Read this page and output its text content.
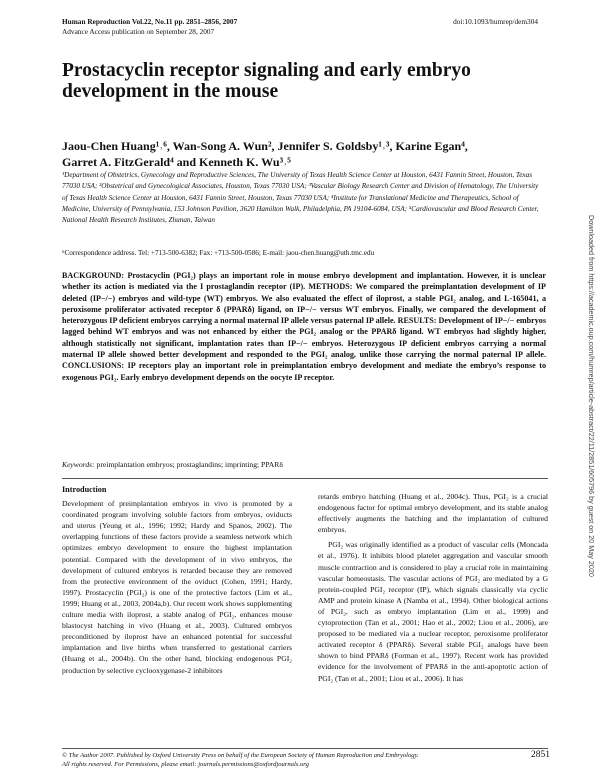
Human Reproduction Vol.22, No.11 pp. 2851–2856, 2007
Advance Access publication on September 28, 2007
doi:10.1093/humrep/dem304
Prostacyclin receptor signaling and early embryo development in the mouse
Jaou-Chen Huang¹˒⁶, Wan-Song A. Wun², Jennifer S. Goldsby¹˒³, Karine Egan⁴,
Garret A. FitzGerald⁴ and Kenneth K. Wu³˒⁵
¹Department of Obstetrics, Gynecology and Reproductive Sciences, The University of Texas Health Science Center at Houston, 6431 Fannin Street, Houston, Texas 77030 USA; ²Obstetrical and Gynecological Associates, Houston, Texas 77030 USA; ³Vascular Biology Research Center and Division of Hematology, The University of Texas Health Science Center at Houston, 6431 Fannin Street, Houston, Texas 77030 USA; ⁴Institute for Translational Medicine and Therapeutics, School of Medicine, University of Pennsylvania, 153 Johnson Pavilion, 3620 Hamilton Walk, Philadelphia, PA 19104-6084, USA; ⁵Cardiovascular and Blood Research Center, National Health Research Institutes, Zhunan, Taiwan
⁶Correspondence address. Tel: +713-500-6382; Fax: +713-500-0586; E-mail: jaou-chen.huang@uth.tmc.edu
BACKGROUND: Prostacyclin (PGI₂) plays an important role in mouse embryo development and implantation. However, it is unclear whether its action is mediated via the I prostaglandin receptor (IP). METHODS: We compared the preimplantation development of IP deleted (IP−/−) embryos and wild-type (WT) embryos. We also evaluated the effect of iloprost, a stable PGI₂ analog, and L-165041, a peroxisome proliferator activated receptor δ (PPARδ) ligand, on IP−/− versus WT embryos. Finally, we compared the development of heterozygous IP deficient embryos carrying a normal maternal IP allele versus paternal IP allele. RESULTS: Development of IP−/− embryos lagged behind WT embryos and was not enhanced by either the PGI₂ analog or the PPARδ ligand. WT embryos had slightly higher, although statistically not significant, implantation rates than IP−/− embryos. Heterozygous IP deficient embryos carrying a normal maternal IP allele showed better development and responded to the PGI₂ analog, unlike those carrying the normal paternal IP allele. CONCLUSIONS: IP receptors play an important role in preimplantation embryo development and mediate the embryo’s response to exogenous PGI₂. Early embryo development depends on the oocyte IP receptor.
Keywords: preimplantation embryos; prostaglandins; imprinting; PPARδ
Introduction

Development of preimplantation embryos in vivo is promoted by a coordinated program involving soluble factors from embryos, oviducts and uterus (Yeung et al., 1996; 1992; Hardy and Spanos, 2002). The overlapping functions of these factors provide a seamless network which optimizes embryo development to ensure the highest implantation potential. Compared with the development of in vivo embryos, the development of cultured embryos is retarded because they are removed from the protective environment of the oviduct (Cohen, 1991; Hardy, 1997). Prostacyclin (PGI₂) is one of the protective factors (Lim et al., 1999; Huang et al., 2003, 2004a,b). Our recent work shows supplementing culture media with iloprost, a stable analog of PGI₂, enhances mouse blastocyst hatching in vivo (Huang et al., 2003). Cultured embryos preconditioned by iloprost have an enhanced potential for successful implantation and live births when transferred to gestational carriers (Huang et al., 2004b). On the other hand, blocking endogenous PGI₂ production by selective cyclooxygenase-2 inhibitors

retards embryo hatching (Huang et al., 2004c). Thus, PGI₂ is a crucial endogenous factor for optimal embryo development, and its stable analog effectively augments the hatching and the implantation of cultured embryos.

PGI₂ was originally identified as a product of vascular cells (Moncada et al., 1976). It inhibits blood platelet aggregation and vascular smooth muscle contraction and is considered to play a crucial role in maintaining vascular homeostasis. The vascular actions of PGI₂ are mediated by a G protein-coupled PGI₂ receptor (IP), which signals classically via cyclic AMP and protein kinase A (Namba et al., 1994). Other biological actions of PGI₂, such as embryo implantation (Lim et al., 1999) and cytoprotection (Tan et al., 2001; Hao et al., 2002; Liou et al., 2006), are proposed to be mediated via a nuclear receptor, peroxisome proliferator activated receptor δ (PPARδ). Several stable PGI₂ analogs have been shown to bind PPARδ (Forman et al., 1997). Recent work has provided evidence for the involvement of PPARδ in the anti-apoptotic action of PGI₂ (Tan et al., 2001; Liou et al., 2006). It has

© The Author 2007. Published by Oxford University Press on behalf of the European Society of Human Reproduction and Embryology.
All rights reserved. For Permissions, please email: journals.permissions@oxfordjournals.org
2851
Downloaded from https://academic.oup.com/humrep/article-abstract/22/11/2851/605796 by guest on 20 May 2020
